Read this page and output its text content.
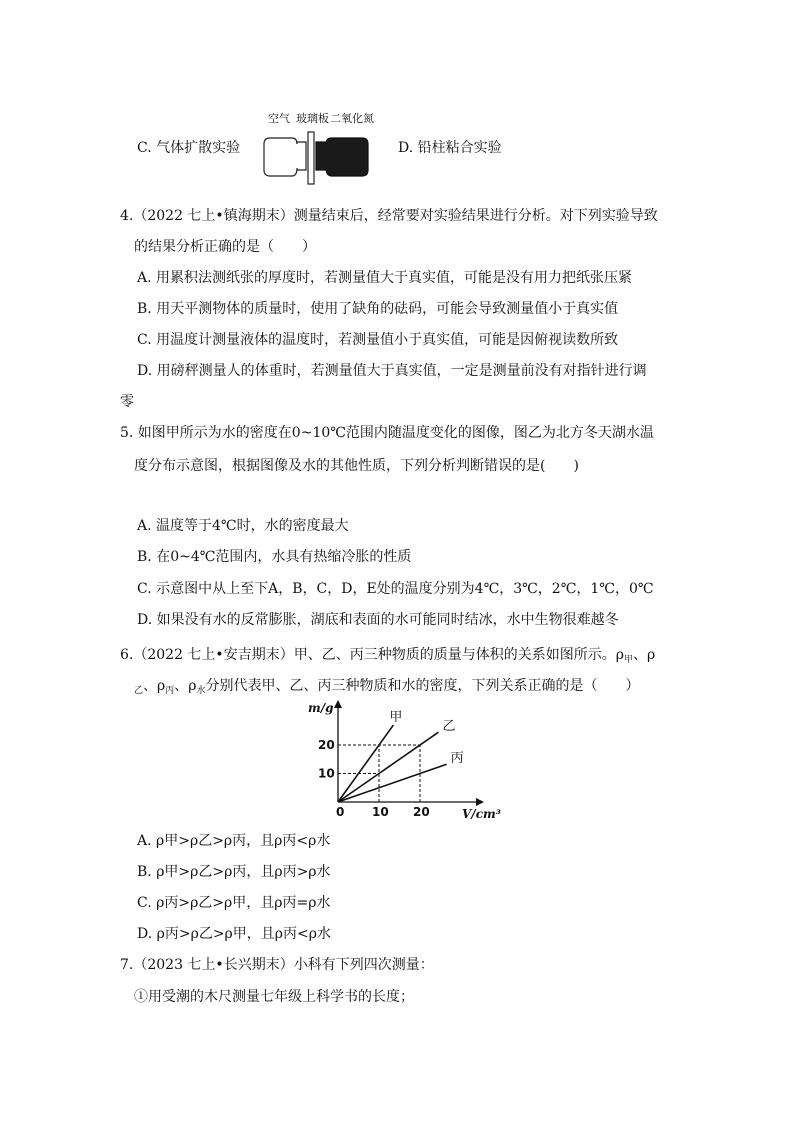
C. 气体扩散实验
空气 玻璃板 二氧化氮
D. 铅柱粘合实验
4.（2022 七上•镇海期末）测量结束后，经常要对实验结果进行分析。对下列实验导致
的结果分析正确的是（　　）
A. 用累积法测纸张的厚度时，若测量值大于真实值，可能是没有用力把纸张压紧
B. 用天平测物体的质量时，使用了缺角的砝码，可能会导致测量值小于真实值
C. 用温度计测量液体的温度时，若测量值小于真实值，可能是因俯视读数所致
D. 用磅秤测量人的体重时，若测量值大于真实值，一定是测量前没有对指针进行调
零
5. 如图甲所示为水的密度在0~10℃范围内随温度变化的图像，图乙为北方冬天湖水温
度分布示意图，根据图像及水的其他性质，下列分析判断错误的是(　　)
A. 温度等于4℃时，水的密度最大
B. 在0~4℃范围内，水具有热缩冷胀的性质
C. 示意图中从上至下A，B，C，D，E处的温度分别为4℃，3℃，2℃，1℃，0℃
D. 如果没有水的反常膨胀，湖底和表面的水可能同时结冰，水中生物很难越冬
6.（2022 七上•安吉期末）甲、乙、丙三种物质的质量与体积的关系如图所示。$\rho_甲$、ρ
$_乙$、$\rho_丙$、$\rho_水$分别代表甲、乙、丙三种物质和水的密度，下列关系正确的是（　　）
甲
乙
丙
0 10 20
10
20
m/g
V/cm³
A. ρ甲>ρ乙>ρ丙，且ρ丙<ρ水
B. ρ甲>ρ乙>ρ丙，且ρ丙>ρ水
C. ρ丙>ρ乙>ρ甲，且ρ丙=ρ水
D. ρ丙>ρ乙>ρ甲，且ρ丙<ρ水
7.（2023 七上•长兴期末）小科有下列四次测量：
①用受潮的木尺测量七年级上科学书的长度；
